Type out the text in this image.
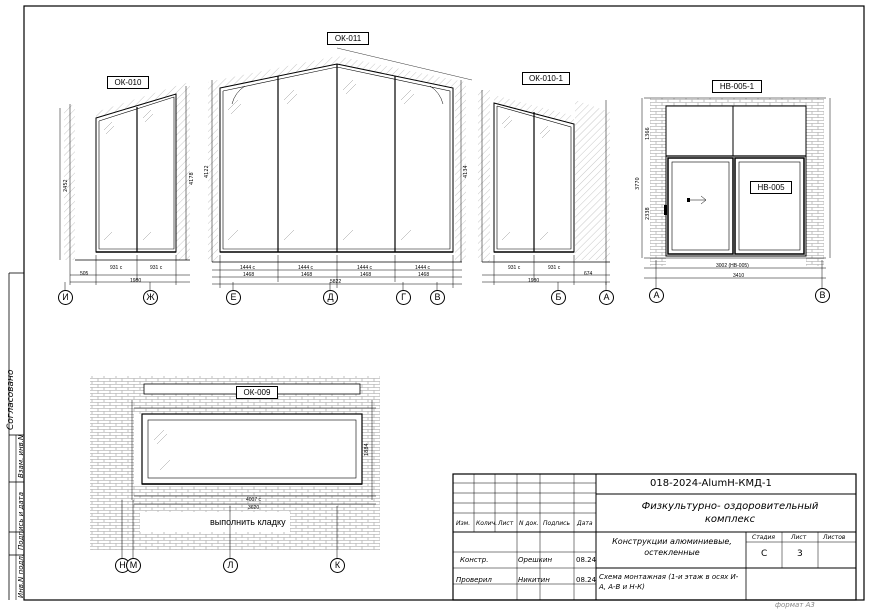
ОК-010
ОК-011
ОК-010-1
НВ-005-1
НВ-005
ОК-009
выполнить кладку
931 с	931 с
1980
505
1444 с	1444 с	1444 с	1444 с
1468	1468	1468	1468
5822
931 с	931 с
1980
674
3002 (НВ-005)
3410
4007 с
3620
2452
4178
4122	4134
3770
1366
2338
1884
И	Ж	Е	Д	Г	В	Б	А	А	В
Н М	Л	К
Согласовано
Взам. инв.N
Подпись и дата
Инв.N подл.
018-2024-AlumH-КМД-1
Физкультурно- оздоровительный комплекс
Конструкции алюминиевые, остекленные
Схема монтажная (1-и этаж в осях И-А, А-В и Н-К)
Изм. Колич. Лист N док. Подпись Дата
Констр.	Орешкин	08.24
Проверил	Никитин	08.24
Стадия	Лист	Листов
С	3
формат А3
